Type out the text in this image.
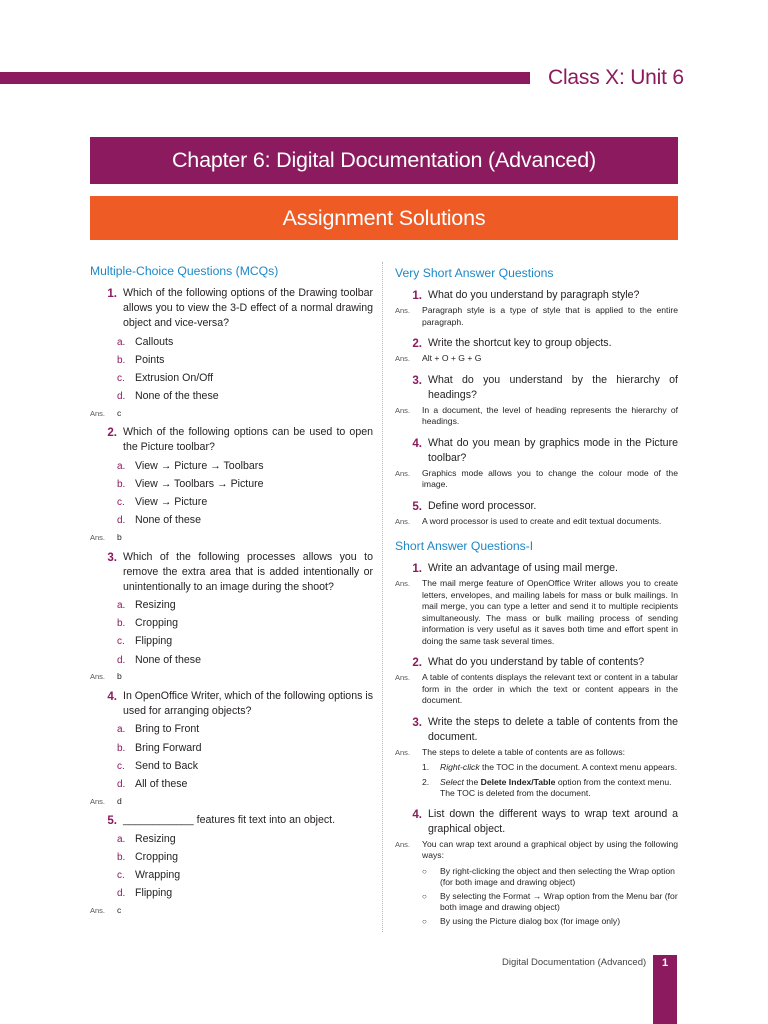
Class X: Unit 6
Chapter 6: Digital Documentation (Advanced)
Assignment Solutions
Multiple-Choice Questions (MCQs)
1. Which of the following options of the Drawing toolbar allows you to view the 3-D effect of a normal drawing object and vice-versa?
a. Callouts
b. Points
c. Extrusion On/Off
d. None of the these
Ans.	c
2. Which of the following options can be used to open the Picture toolbar?
a. View → Picture → Toolbars
b. View → Toolbars → Picture
c. View → Picture
d. None of these
Ans.	b
3. Which of the following processes allows you to remove the extra area that is added intentionally or unintentionally to an image during the shoot?
a. Resizing
b. Cropping
c. Flipping
d. None of these
Ans.	b
4. In OpenOffice Writer, which of the following options is used for arranging objects?
a. Bring to Front
b. Bring Forward
c. Send to Back
d. All of these
Ans.	d
5. ____________ features fit text into an object.
a. Resizing
b. Cropping
c. Wrapping
d. Flipping
Ans.	c
Very Short Answer Questions
1. What do you understand by paragraph style?
Ans.	Paragraph style is a type of style that is applied to the entire paragraph.
2. Write the shortcut key to group objects.
Ans.	Alt + O + G + G
3. What do you understand by the hierarchy of headings?
Ans.	In a document, the level of heading represents the hierarchy of headings.
4. What do you mean by graphics mode in the Picture toolbar?
Ans.	Graphics mode allows you to change the colour mode of the image.
5. Define word processor.
Ans.	A word processor is used to create and edit textual documents.
Short Answer Questions-I
1. Write an advantage of using mail merge.
Ans.	The mail merge feature of OpenOffice Writer allows you to create letters, envelopes, and mailing labels for mass or bulk mailings. In mail merge, you can type a letter and send it to multiple recipients simultaneously. The mass or bulk mailing process of sending information is very useful as it saves both time and effort spent in doing the same task several times.
2. What do you understand by table of contents?
Ans.	A table of contents displays the relevant text or content in a tabular form in the order in which the text or content appears in the document.
3. Write the steps to delete a table of contents from the document.
Ans.	The steps to delete a table of contents are as follows:
1.	Right-click the TOC in the document. A context menu appears.
2.	Select the Delete Index/Table option from the context menu.
The TOC is deleted from the document.
4. List down the different ways to wrap text around a graphical object.
Ans.	You can wrap text around a graphical object by using the following ways:
○	By right-clicking the object and then selecting the Wrap option (for both image and drawing object)
○	By selecting the Format → Wrap option from the Menu bar (for both image and drawing object)
○	By using the Picture dialog box (for image only)
Digital Documentation (Advanced)	1
